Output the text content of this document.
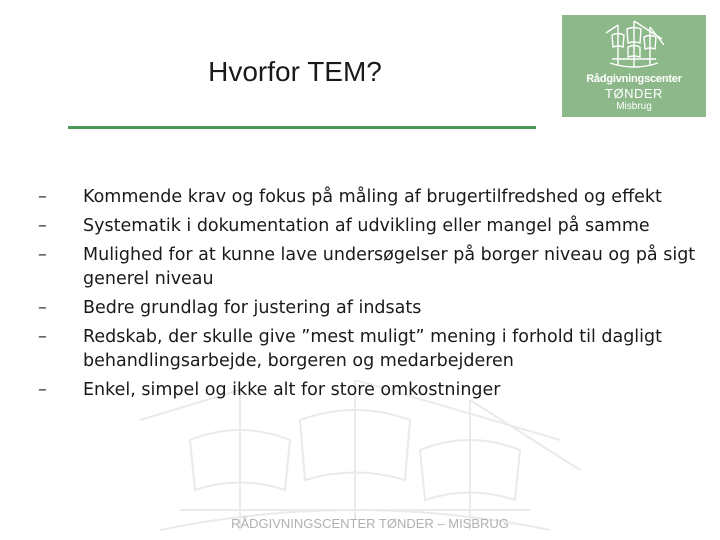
Hvorfor TEM?	Rådgivningscenter
TØNDER
Misbrug
– Kommende krav og fokus på måling af brugertilfredshed og effekt
– Systematik i dokumentation af udvikling eller mangel på samme
– Mulighed for at kunne lave undersøgelser på borger niveau og på sigt generel niveau
– Bedre grundlag for justering af indsats
– Redskab, der skulle give ”mest muligt” mening i forhold til dagligt behandlingsarbejde, borgeren og medarbejderen
– Enkel, simpel og ikke alt for store omkostninger
RÅDGIVNINGSCENTER TØNDER – MISBRUG
